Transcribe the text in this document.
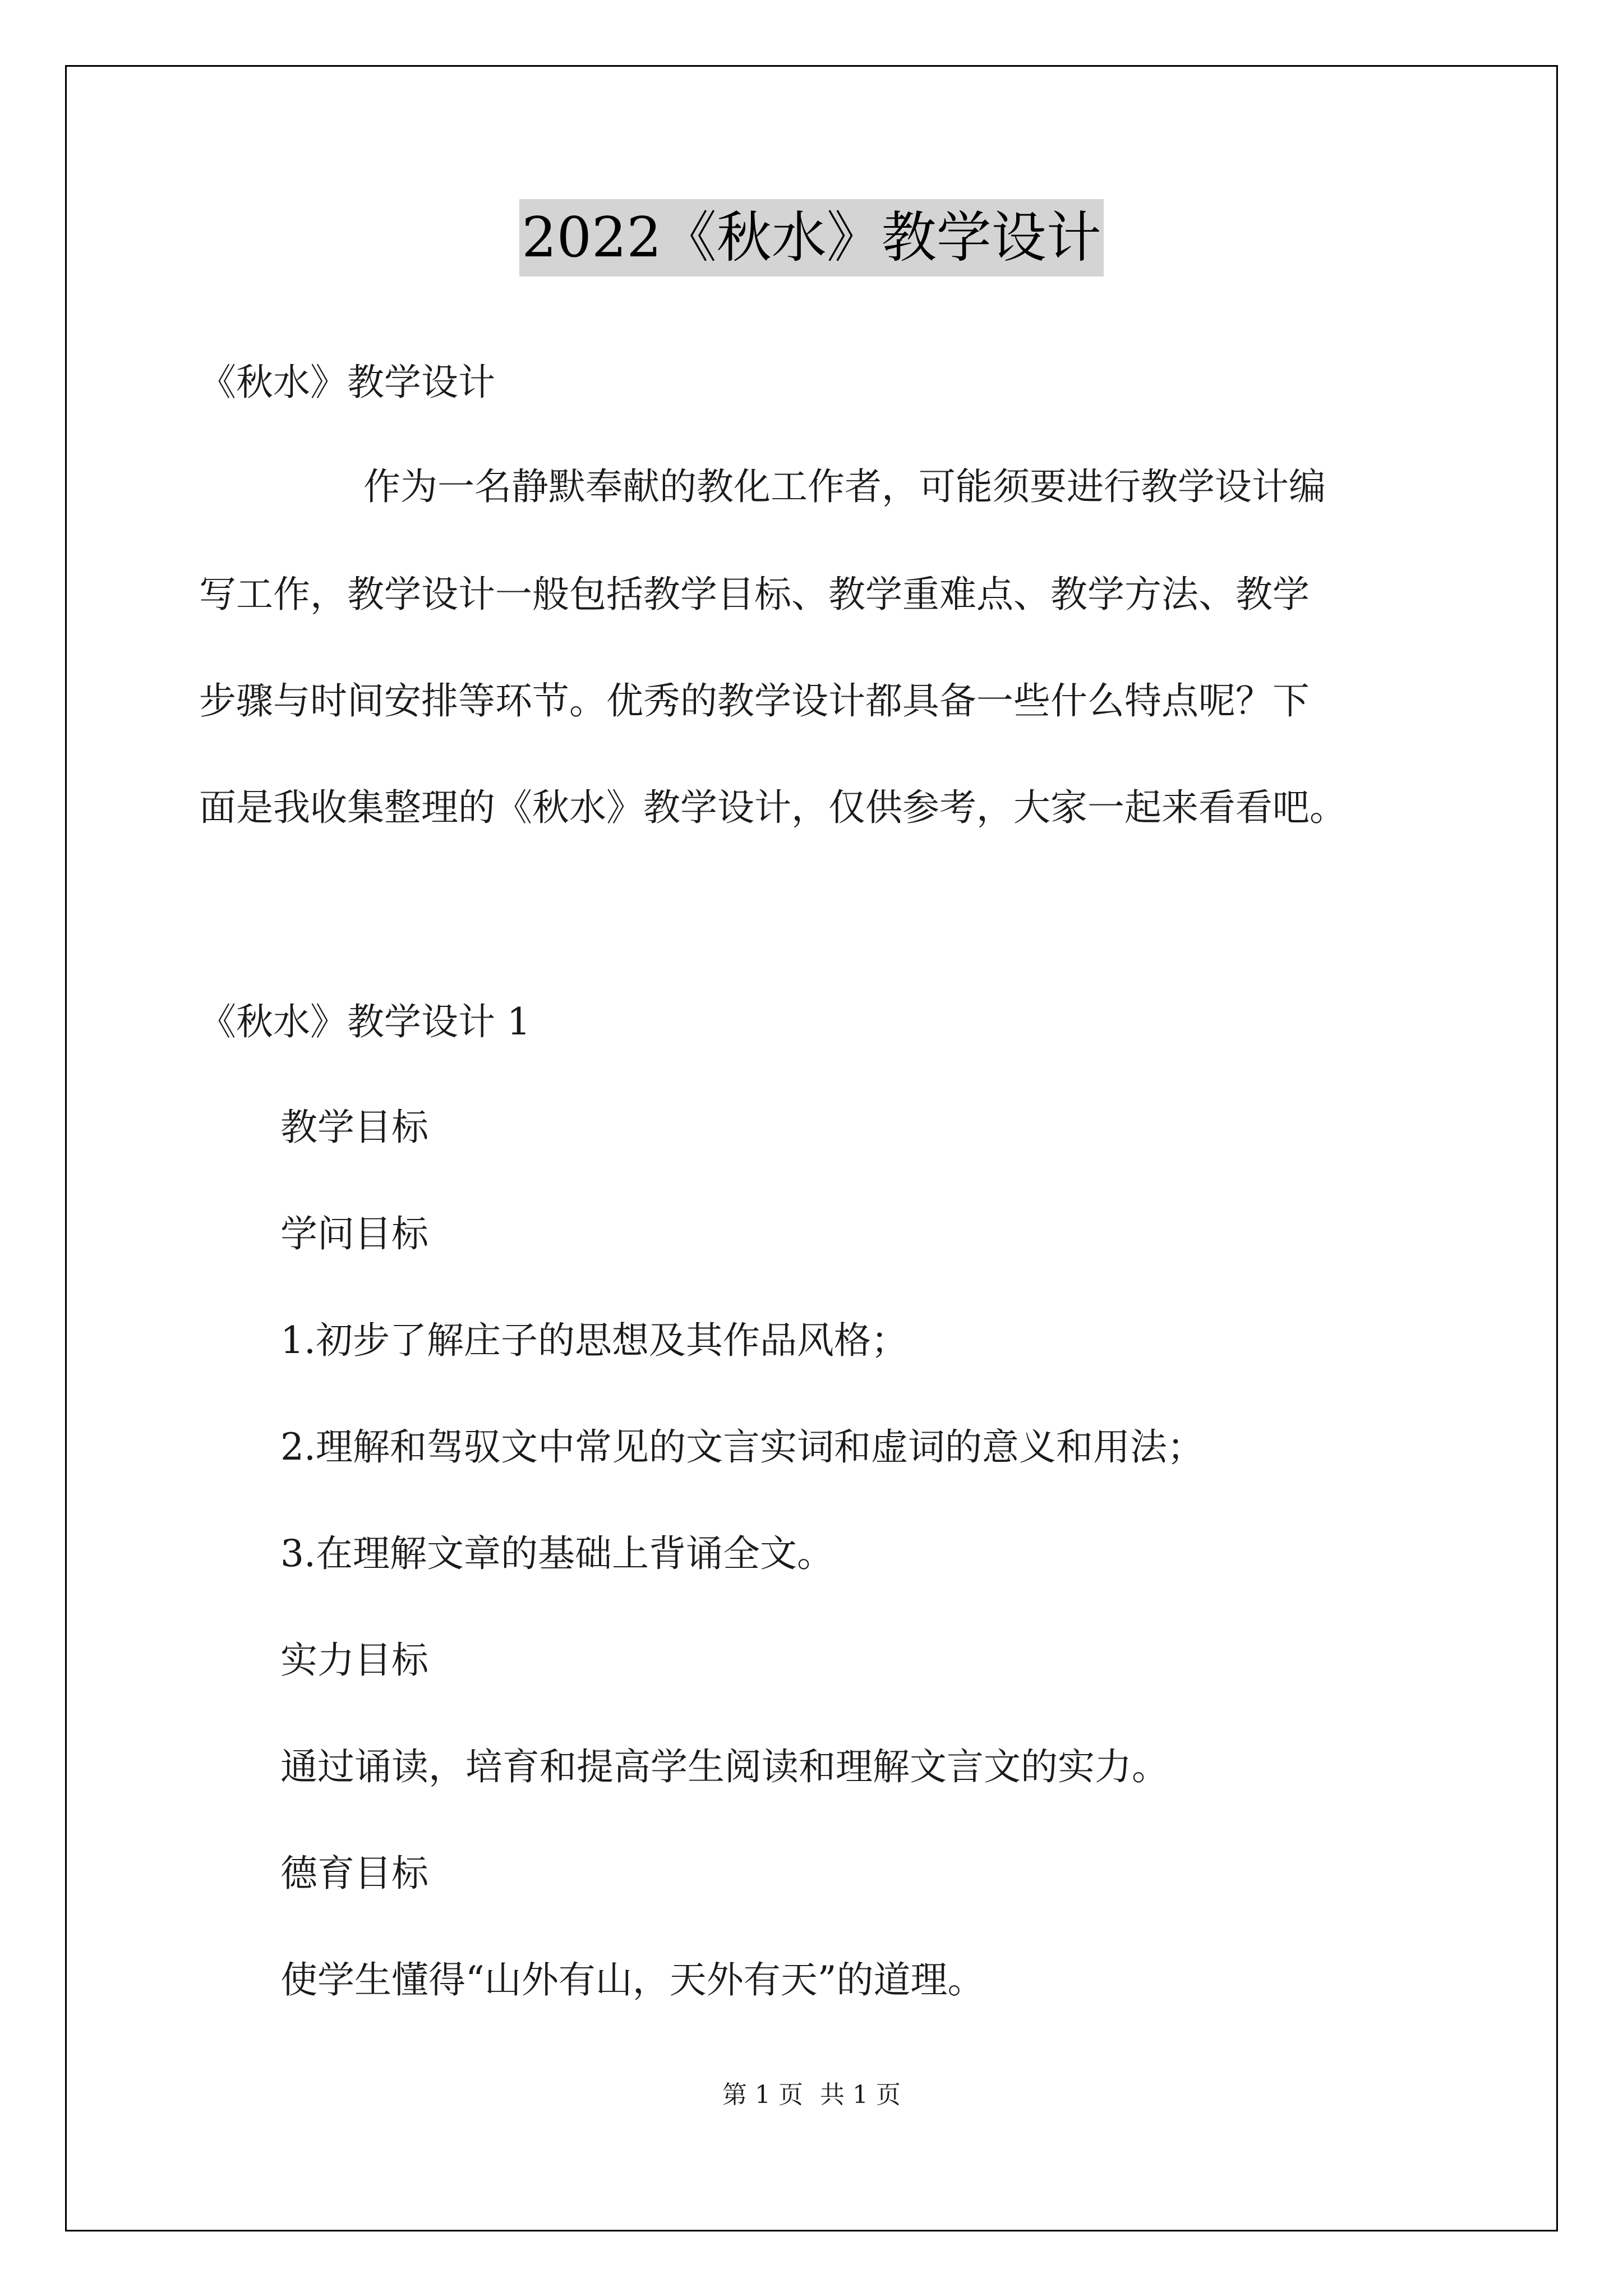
2022《秋水》教学设计
《秋水》教学设计
作为一名静默奉献的教化工作者，可能须要进行教学设计编
写工作，教学设计一般包括教学目标、教学重难点、教学方法、教学
步骤与时间安排等环节。优秀的教学设计都具备一些什么特点呢？下
面是我收集整理的《秋水》教学设计，仅供参考，大家一起来看看吧。
《秋水》教学设计 1
教学目标
学问目标
1.初步了解庄子的思想及其作品风格；
2.理解和驾驭文中常见的文言实词和虚词的意义和用法；
3.在理解文章的基础上背诵全文。
实力目标
通过诵读，培育和提高学生阅读和理解文言文的实力。
德育目标
使学生懂得“山外有山，天外有天”的道理。
第 1 页 共 1 页
